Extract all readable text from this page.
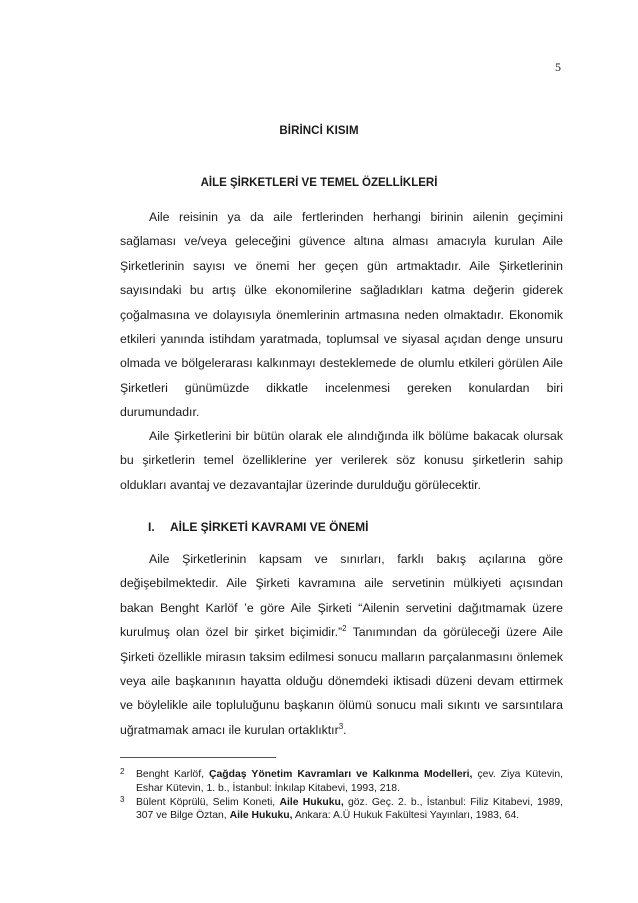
5
BİRİNCİ KISIM
AİLE ŞİRKETLERİ VE TEMEL ÖZELLİKLERİ

Aile reisinin ya da aile fertlerinden herhangi birinin ailenin geçimini sağlaması ve/veya geleceğini güvence altına alması amacıyla kurulan Aile Şirketlerinin sayısı ve önemi her geçen gün artmaktadır. Aile Şirketlerinin sayısındaki bu artış ülke ekonomilerine sağladıkları katma değerin giderek çoğalmasına ve dolayısıyla önemlerinin artmasına neden olmaktadır. Ekonomik etkileri yanında istihdam yaratmada, toplumsal ve siyasal açıdan denge unsuru olmada ve bölgelerarası kalkınmayı desteklemede de olumlu etkileri görülen Aile Şirketleri günümüzde dikkatle incelenmesi gereken konulardan biri durumundadır.

Aile Şirketlerini bir bütün olarak ele alındığında ilk bölüme bakacak olursak bu şirketlerin temel özelliklerine yer verilerek söz konusu şirketlerin sahip oldukları avantaj ve dezavantajlar üzerinde durulduğu görülecektir.

I. AİLE ŞİRKETİ KAVRAMI VE ÖNEMİ

Aile Şirketlerinin kapsam ve sınırları, farklı bakış açılarına göre değişebilmektedir. Aile Şirketi kavramına aile servetinin mülkiyeti açısından bakan Benght Karlöf ’e göre Aile Şirketi “Ailenin servetini dağıtmamak üzere kurulmuş olan özel bir şirket biçimidir.”$^2$ Tanımından da görüleceği üzere Aile Şirketi özellikle mirasın taksim edilmesi sonucu malların parçalanmasını önlemek veya aile başkanının hayatta olduğu dönemdeki iktisadi düzeni devam ettirmek ve böylelikle aile topluluğunu başkanın ölümü sonucu mali sıkıntı ve sarsıntılara uğratmamak amacı ile kurulan ortaklıktır$^3$.

2 Benght Karlöf, Çağdaş Yönetim Kavramları ve Kalkınma Modelleri, çev. Ziya Kütevin, Eshar Kütevin, 1. b., İstanbul: İnkılap Kitabevi, 1993, 218.
3 Bülent Köprülü, Selim Koneti, Aile Hukuku, göz. Geç. 2. b., İstanbul: Filiz Kitabevi, 1989, 307 ve Bilge Öztan, Aile Hukuku, Ankara: A.Ü Hukuk Fakültesi Yayınları, 1983, 64.
